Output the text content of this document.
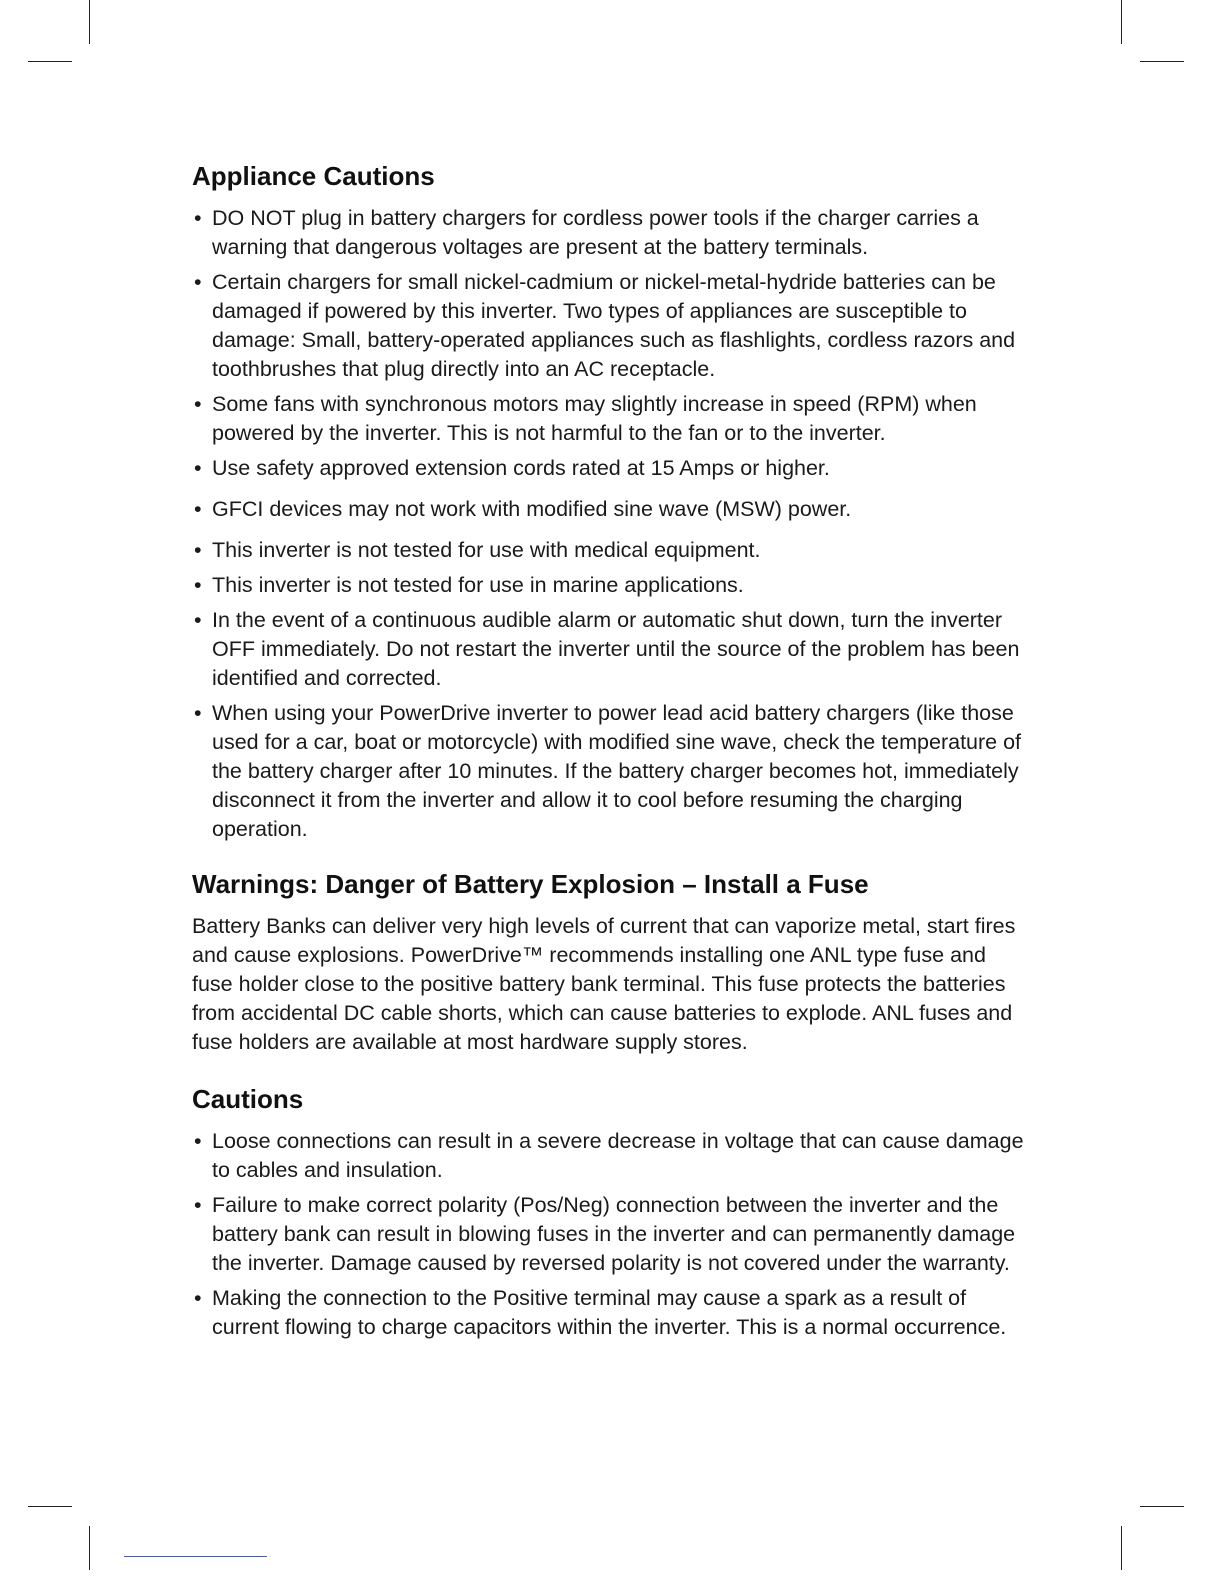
Appliance Cautions
• DO NOT plug in battery chargers for cordless power tools if the charger carries a warning that dangerous voltages are present at the battery terminals.
• Certain chargers for small nickel-cadmium or nickel-metal-hydride batteries can be damaged if powered by this inverter. Two types of appliances are susceptible to damage: Small, battery-operated appliances such as flashlights, cordless razors and toothbrushes that plug directly into an AC receptacle.
• Some fans with synchronous motors may slightly increase in speed (RPM) when powered by the inverter. This is not harmful to the fan or to the inverter.
• Use safety approved extension cords rated at 15 Amps or higher.
• GFCI devices may not work with modified sine wave (MSW) power.
• This inverter is not tested for use with medical equipment.
• This inverter is not tested for use in marine applications.
• In the event of a continuous audible alarm or automatic shut down, turn the inverter OFF immediately. Do not restart the inverter until the source of the problem has been identified and corrected.
• When using your PowerDrive inverter to power lead acid battery chargers (like those used for a car, boat or motorcycle) with modified sine wave, check the temperature of the battery charger after 10 minutes. If the battery charger becomes hot, immediately disconnect it from the inverter and allow it to cool before resuming the charging operation.
Warnings: Danger of Battery Explosion – Install a Fuse

Battery Banks can deliver very high levels of current that can vaporize metal, start fires and cause explosions. PowerDrive™ recommends installing one ANL type fuse and fuse holder close to the positive battery bank terminal. This fuse protects the batteries from accidental DC cable shorts, which can cause batteries to explode. ANL fuses and fuse holders are available at most hardware supply stores.

Cautions
• Loose connections can result in a severe decrease in voltage that can cause damage to cables and insulation.
• Failure to make correct polarity (Pos/Neg) connection between the inverter and the battery bank can result in blowing fuses in the inverter and can permanently damage the inverter. Damage caused by reversed polarity is not covered under the warranty.
• Making the connection to the Positive terminal may cause a spark as a result of current flowing to charge capacitors within the inverter. This is a normal occurrence.
